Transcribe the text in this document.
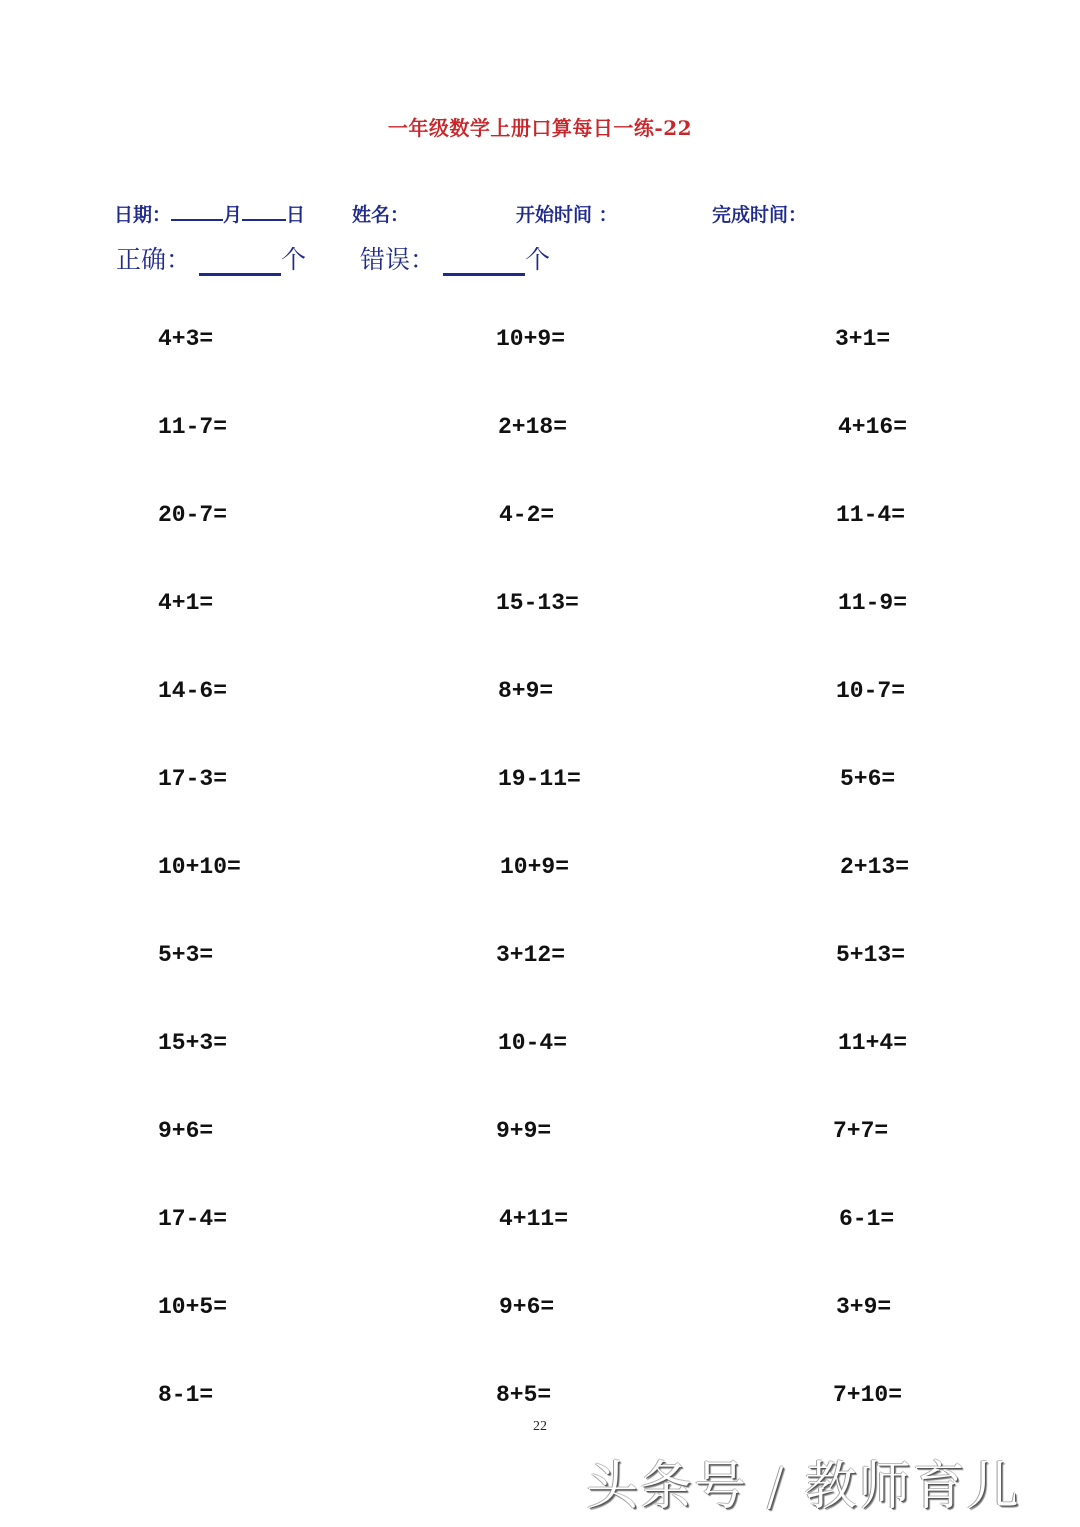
一年级数学上册口算每日一练-22
日期：	月 日 姓名：	开始时间 ：	完成时间：
正确：	个 错误：	个
4+3=	10+9=	3+1=
11-7=	2+18=	4+16=
20-7=	4-2=	11-4=
4+1=	15-13=	11-9=
14-6=	8+9=	10-7=
17-3=	19-11=	5+6=
10+10=	10+9=	2+13=
5+3=	3+12=	5+13=
15+3=	10-4=	11+4=
9+6=	9+9=	7+7=
17-4=	4+11=	6-1=
10+5=	9+6=	3+9=
8-1=	8+5=	7+10=
22
头条号 / 教师育儿
